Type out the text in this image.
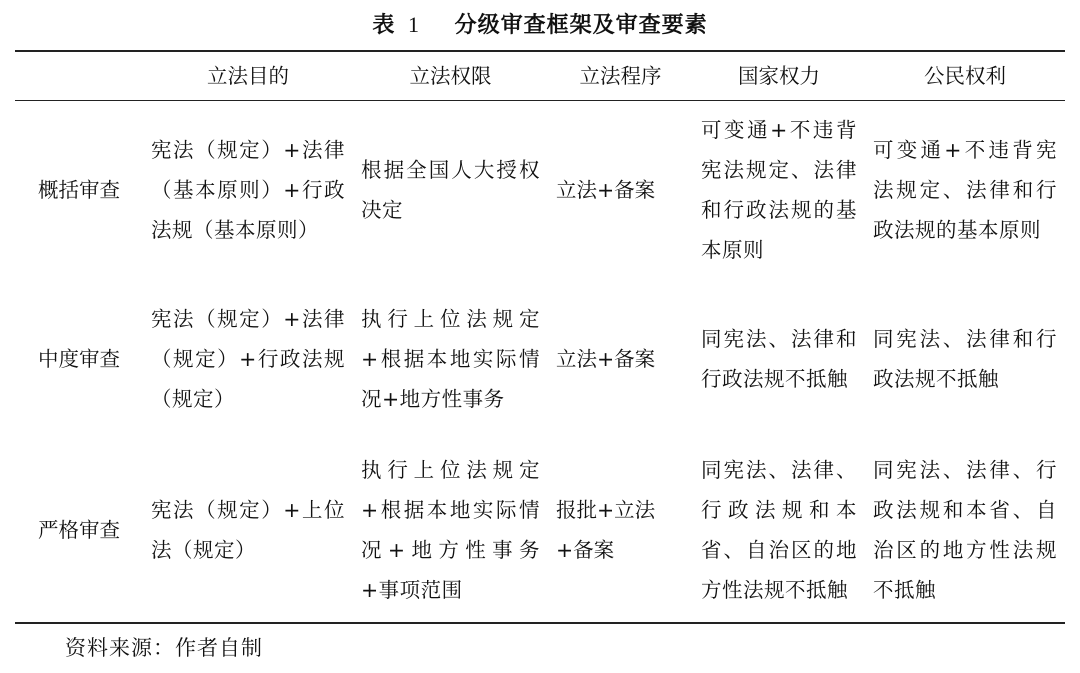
表 1 分级审查框架及审查要素
	立法目的	立法权限	立法程序	国家权力	公民权利
概括审查	宪法（规定）+法律（基本原则）+行政法规（基本原则）	根据全国人大授权决定	立法+备案	可变通+不违背宪法规定、法律和行政法规的基本原则	可变通+不违背宪法规定、法律和行政法规的基本原则
中度审查	宪法（规定）+法律（规定）+行政法规（规定）	执行上位法规定+根据本地实际情况+地方性事务	立法+备案	同宪法、法律和行政法规不抵触	同宪法、法律和行政法规不抵触
严格审查	宪法（规定）+上位法（规定）	执行上位法规定+根据本地实际情况+地方性事务+事项范围	报批+立法+备案	同宪法、法律、行政法规和本省、自治区的地方性法规不抵触	同宪法、法律、行政法规和本省、自治区的地方性法规不抵触
资料来源：作者自制
